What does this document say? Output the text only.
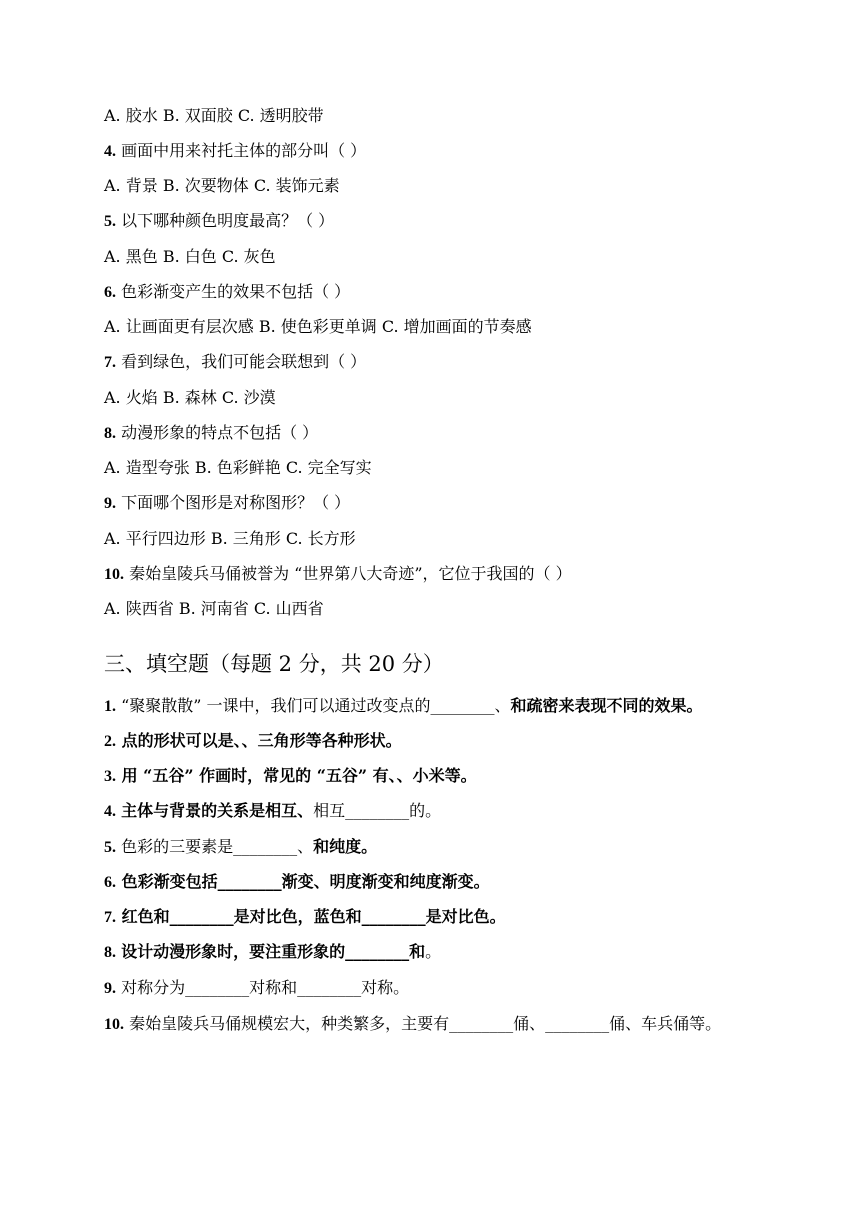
A. 胶水 B. 双面胶 C. 透明胶带
4. 画面中用来衬托主体的部分叫（ ）
A. 背景 B. 次要物体 C. 装饰元素
5. 以下哪种颜色明度最高？（ ）
A. 黑色 B. 白色 C. 灰色
6. 色彩渐变产生的效果不包括（ ）
A. 让画面更有层次感 B. 使色彩更单调 C. 增加画面的节奏感
7. 看到绿色，我们可能会联想到（ ）
A. 火焰 B. 森林 C. 沙漠
8. 动漫形象的特点不包括（ ）
A. 造型夸张 B. 色彩鲜艳 C. 完全写实
9. 下面哪个图形是对称图形？（ ）
A. 平行四边形 B. 三角形 C. 长方形
10. 秦始皇陵兵马俑被誉为 “世界第八大奇迹”，它位于我国的（ ）
A. 陕西省 B. 河南省 C. 山西省
三、填空题（每题 2 分，共 20 分）
1. “聚聚散散” 一课中，我们可以通过改变点的________、和疏密来表现不同的效果。
2. 点的形状可以是、、三角形等各种形状。
3. 用 “五谷” 作画时，常见的 “五谷” 有、、小米等。
4. 主体与背景的关系是相互、相互________的。
5. 色彩的三要素是________、和纯度。
6. 色彩渐变包括________渐变、明度渐变和纯度渐变。
7. 红色和________是对比色，蓝色和________是对比色。
8. 设计动漫形象时，要注重形象的________和。
9. 对称分为________对称和________对称。
10. 秦始皇陵兵马俑规模宏大，种类繁多，主要有________俑、________俑、车兵俑等。
